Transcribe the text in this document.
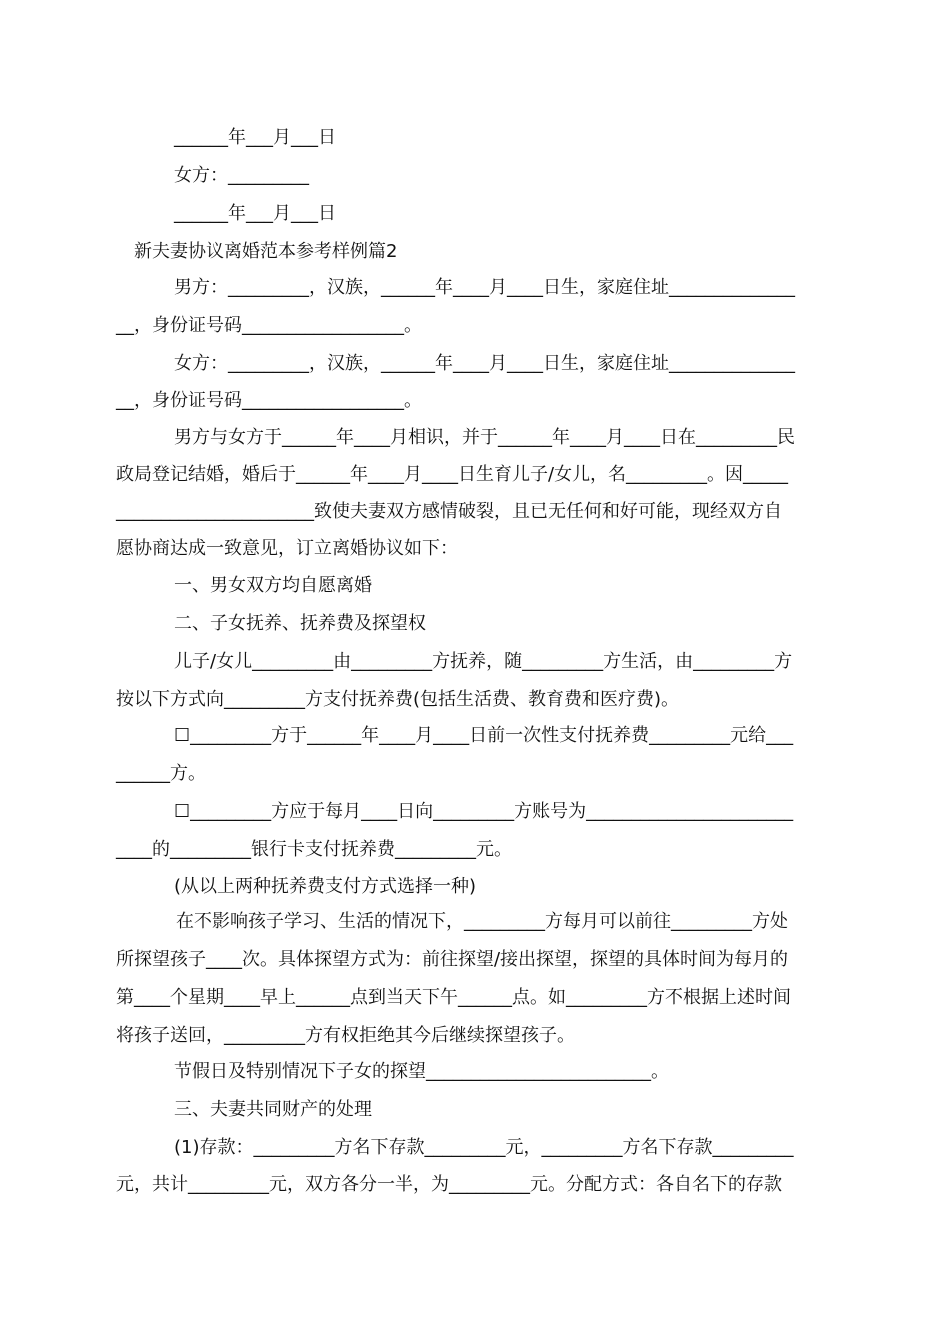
______年___月___日
女方：_________
______年___月___日
新夫妻协议离婚范本参考样例篇2
男方：_________，汉族，______年____月____日生，家庭住址______________
__，身份证号码__________________。
女方：_________，汉族，______年____月____日生，家庭住址______________
__，身份证号码__________________。
男方与女方于______年____月相识，并于______年____月____日在_________民
政局登记结婚，婚后于______年____月____日生育儿子/女儿，名_________。因_____
______________________致使夫妻双方感情破裂，且已无任何和好可能，现经双方自
愿协商达成一致意见，订立离婚协议如下：
一、男女双方均自愿离婚
二、子女抚养、抚养费及探望权
儿子/女儿_________由_________方抚养，随_________方生活，由_________方
按以下方式向_________方支付抚养费(包括生活费、教育费和医疗费)。
☐_________方于______年____月____日前一次性支付抚养费_________元给___
______方。
☐_________方应于每月____日向_________方账号为_______________________
____的_________银行卡支付抚养费_________元。
(从以上两种抚养费支付方式选择一种)
在不影响孩子学习、生活的情况下，_________方每月可以前往_________方处
所探望孩子____次。具体探望方式为：前往探望/接出探望，探望的具体时间为每月的
第____个星期____早上______点到当天下午______点。如_________方不根据上述时间
将孩子送回，_________方有权拒绝其今后继续探望孩子。
节假日及特别情况下子女的探望_________________________。
三、夫妻共同财产的处理
(1)存款：_________方名下存款_________元，_________方名下存款_________
元，共计_________元，双方各分一半，为_________元。分配方式：各自名下的存款
